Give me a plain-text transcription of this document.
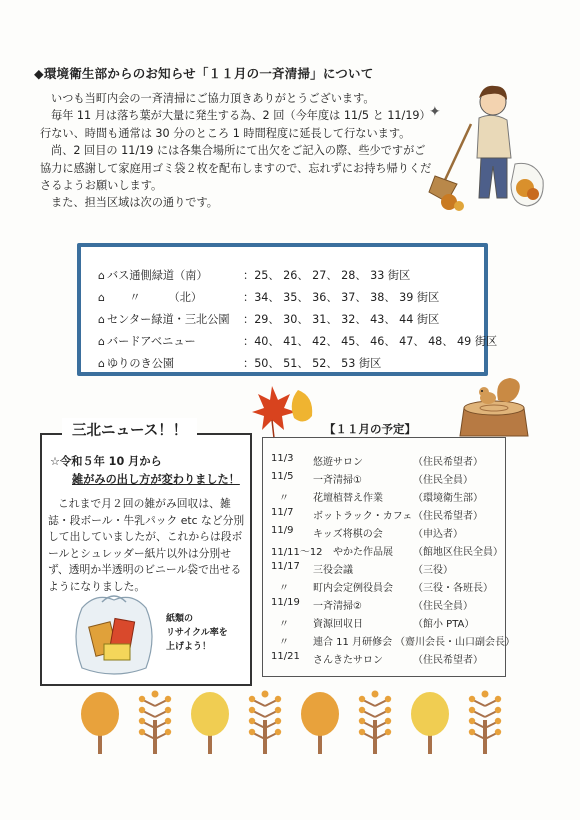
◆環境衛生部からのお知らせ「１１月の一斉清掃」について

いつも当町内会の一斉清掃にご協力頂きありがとうございます。

毎年 11 月は落ち葉が大量に発生する為、2 回（今年度は 11/5 と 11/19）行ない、時間も通常は 30 分のところ 1 時間程度に延長して行ないます。

尚、2 回目の 11/19 には各集合場所にて出欠をご記入の際、些少ですがご協力に感謝して家庭用ゴミ袋２枚を配布しますので、忘れずにお持ち帰りくださるようお願いします。

また、担当区域は次の通りです。

✦
⌂ バス通側緑道（南）	：25、 26、 27、 28、 33 街区
⌂　　〃　　　（北）	：34、 35、 36、 37、 38、 39 街区
⌂ センター緑道・三北公園 ：29、 30、 31、 32、 43、 44 街区
⌂ バードアベニュー	：40、 41、 42、 45、 46、 47、 48、 49 街区
⌂ ゆりのき公園	：50、 51、 52、 53 街区
三北ニュース！！
☆令和５年 10 月から
雑がみの出し方が変わりました！

これまで月２回の雑がみ回収は、雑誌・段ボール・牛乳パック etc など分別して出していましたが、これからは段ボールとシュレッダー紙片以外は分別せず、透明か半透明のビニール袋で出せるようになりました。

紙類の
リサイクル率を
上げよう！
【１１月の予定】
11/3 悠遊サロン	（住民希望者）
11/5 一斉清掃①	（住民全員）
〃 花壇植替え作業	（環境衛生部）
11/7 ボットラック・カフェ （住民希望者）
11/9 キッズ将棋の会	（申込者）
11/11～12 やかた作品展 （館地区住民全員）
11/17 三役会議	（三役）
〃 町内会定例役員会 （三役・各班長）
11/19 一斉清掃②	（住民全員）
〃 資源回収日	（館小 PTA）
〃 連合 11 月研修会 （齋川会長・山口副会長）
11/21 さんきたサロン	（住民希望者）
